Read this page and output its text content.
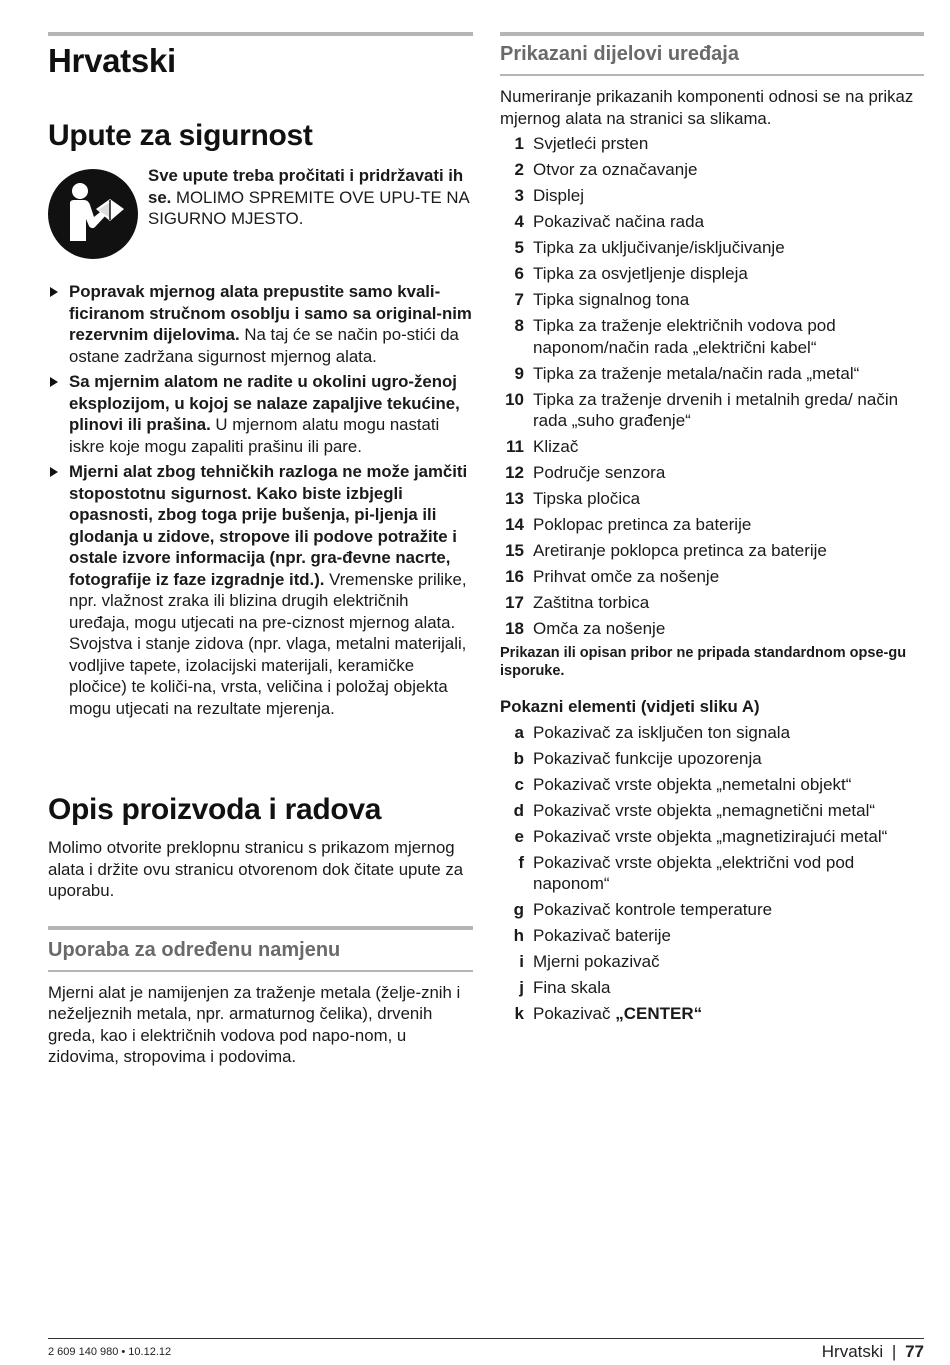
Hrvatski
Upute za sigurnost

Sve upute treba pročitati i pridržavati ih se. MOLIMO SPREMITE OVE UPU-TE NA SIGURNO MJESTO.

Popravak mjernog alata prepustite samo kvali-ficiranom stručnom osoblju i samo sa original-nim rezervnim dijelovima. Na taj će se način po-stići da ostane zadržana sigurnost mjernog alata.
Sa mjernim alatom ne radite u okolini ugro-ženoj eksplozijom, u kojoj se nalaze zapaljive tekućine, plinovi ili prašina. U mjernom alatu mogu nastati iskre koje mogu zapaliti prašinu ili pare.
Mjerni alat zbog tehničkih razloga ne može jamčiti stopostotnu sigurnost. Kako biste izbjegli opasnosti, zbog toga prije bušenja, pi-ljenja ili glodanja u zidove, stropove ili podove potražite i ostale izvore informacija (npr. gra-đevne nacrte, fotografije iz faze izgradnje itd.). Vremenske prilike, npr. vlažnost zraka ili blizina drugih električnih uređaja, mogu utjecati na pre-ciznost mjernog alata. Svojstva i stanje zidova (npr. vlaga, metalni materijali, vodljive tapete, izolacijski materijali, keramičke pločice) te količi-na, vrsta, veličina i položaj objekta mogu utjecati na rezultate mjerenja.
Opis proizvoda i radova

Molimo otvorite preklopnu stranicu s prikazom mjernog alata i držite ovu stranicu otvorenom dok čitate upute za uporabu.

Uporaba za određenu namjenu

Mjerni alat je namijenjen za traženje metala (želje-znih i neželjeznih metala, npr. armaturnog čelika), drvenih greda, kao i električnih vodova pod napo-nom, u zidovima, stropovima i podovima.

Prikazani dijelovi uređaja

Numeriranje prikazanih komponenti odnosi se na prikaz mjernog alata na stranici sa slikama.

1 Svjetleći prsten
2 Otvor za označavanje
3 Displej
4 Pokazivač načina rada
5 Tipka za uključivanje/isključivanje
6 Tipka za osvjetljenje displeja
7 Tipka signalnog tona
8 Tipka za traženje električnih vodova pod naponom/način rada „električni kabel“
9 Tipka za traženje metala/način rada „metal“
10 Tipka za traženje drvenih i metalnih greda/ način rada „suho građenje“
11 Klizač
12 Područje senzora
13 Tipska pločica
14 Poklopac pretinca za baterije
15 Aretiranje poklopca pretinca za baterije
16 Prihvat omče za nošenje
17 Zaštitna torbica
18 Omča za nošenje

Prikazan ili opisan pribor ne pripada standardnom opse-gu isporuke.

Pokazni elementi (vidjeti sliku A)

a Pokazivač za isključen ton signala
b Pokazivač funkcije upozorenja
c Pokazivač vrste objekta „nemetalni objekt“
d Pokazivač vrste objekta „nemagnetični metal“
e Pokazivač vrste objekta „magnetizirajući metal“
f Pokazivač vrste objekta „električni vod pod naponom“
g Pokazivač kontrole temperature
h Pokazivač baterije
i Mjerni pokazivač
j Fina skala
k Pokazivač „CENTER“
2 609 140 980 • 10.12.12	Hrvatski | 77
